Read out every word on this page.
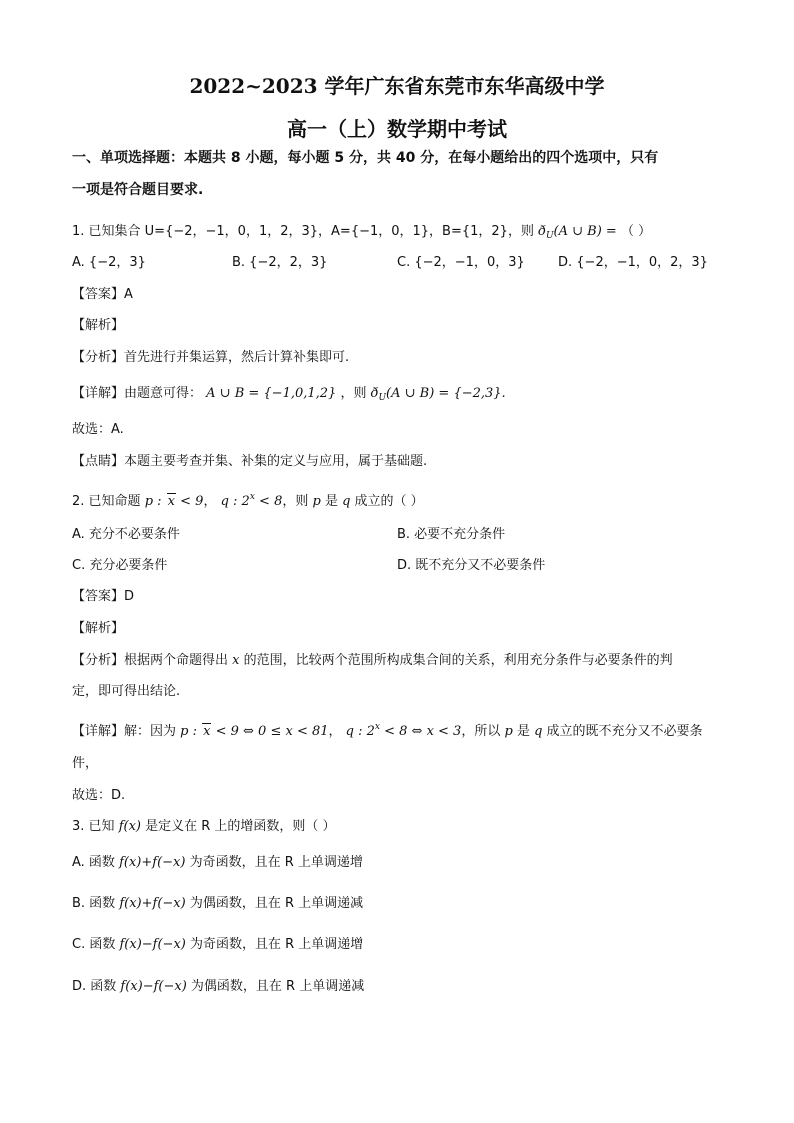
2022~2023 学年广东省东莞市东华高级中学
高一（上）数学期中考试
一、单项选择题：本题共 8 小题，每小题 5 分，共 40 分，在每小题给出的四个选项中，只有
一项是符合题目要求.
1. 已知集合 U={−2，−1，0，1，2，3}，A={−1，0，1}，B={1，2}，则 $ð_U(A$ ∪ B) = （ ）
A. {−2，3}	B. {−2，2，3}	C. {−2，−1，0，3}	D. {−2，−1，0，2，3}
【答案】A
【解析】
【分析】首先进行并集运算，然后计算补集即可.
【详解】由题意可得： A ∪ B = {−1,0,1,2} ，则 $ð_U(A$ ∪ B) = {−2,3}.
故选：A.
【点睛】本题主要考查并集、补集的定义与应用，属于基础题.
2. 已知命题 p : x < 9， q : $2^x < 8$，则 p 是 q 成立的（ ）
A. 充分不必要条件	B. 必要不充分条件
C. 充分必要条件	D. 既不充分又不必要条件
【答案】D
【解析】
【分析】根据两个命题得出 x 的范围，比较两个范围所构成集合间的关系，利用充分条件与必要条件的判
定，即可得出结论.
【详解】解：因为 p : x < 9 ⇔ 0 ≤ x < 81， q : $2^x < 8$ ⇔ x < 3，所以 p 是 q 成立的既不充分又不必要条
件，
故选：D.
3. 已知 f(x) 是定义在 R 上的增函数，则（ ）
A. 函数 f(x)+f(−x) 为奇函数，且在 R 上单调递增
B. 函数 f(x)+f(−x) 为偶函数，且在 R 上单调递减
C. 函数 f(x)−f(−x) 为奇函数，且在 R 上单调递增
D. 函数 f(x)−f(−x) 为偶函数，且在 R 上单调递减
